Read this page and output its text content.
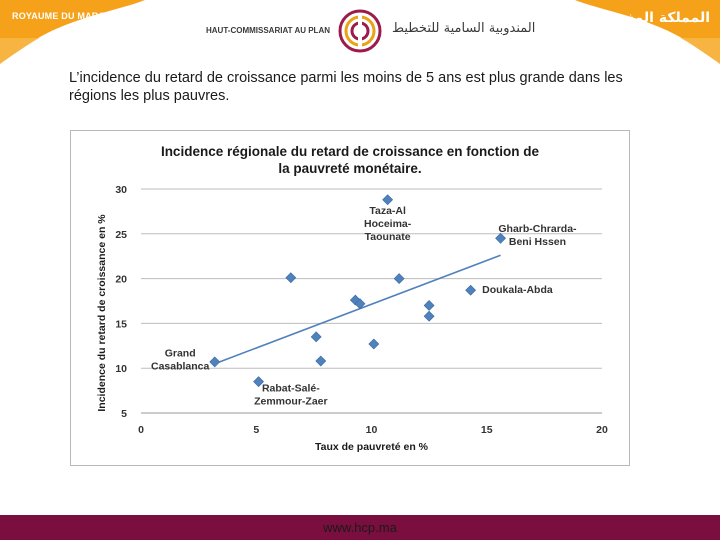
ROYAUME DU MAROC	المملكة المغربية
HAUT-COMMISSARIAT AU PLAN	المندوبية السامية للتخطيط

L’incidence du retard de croissance parmi les moins de 5 ans est plus grande dans les régions les plus pauvres.

Incidence régionale du retard de croissance en fonction de
la pauvreté monétaire.
5
10
15
20
25
30
0	5	10	15	20
Taux de pauvreté en %
Incidence du retard de croissance en %
Taza-Al Hoceima-Taounate
Gharb-Chrarda-Beni Hssen
Doukala-Abda
Grand Casablanca
Rabat-Salé-Zemmour-Zaer
www.hcp.ma
